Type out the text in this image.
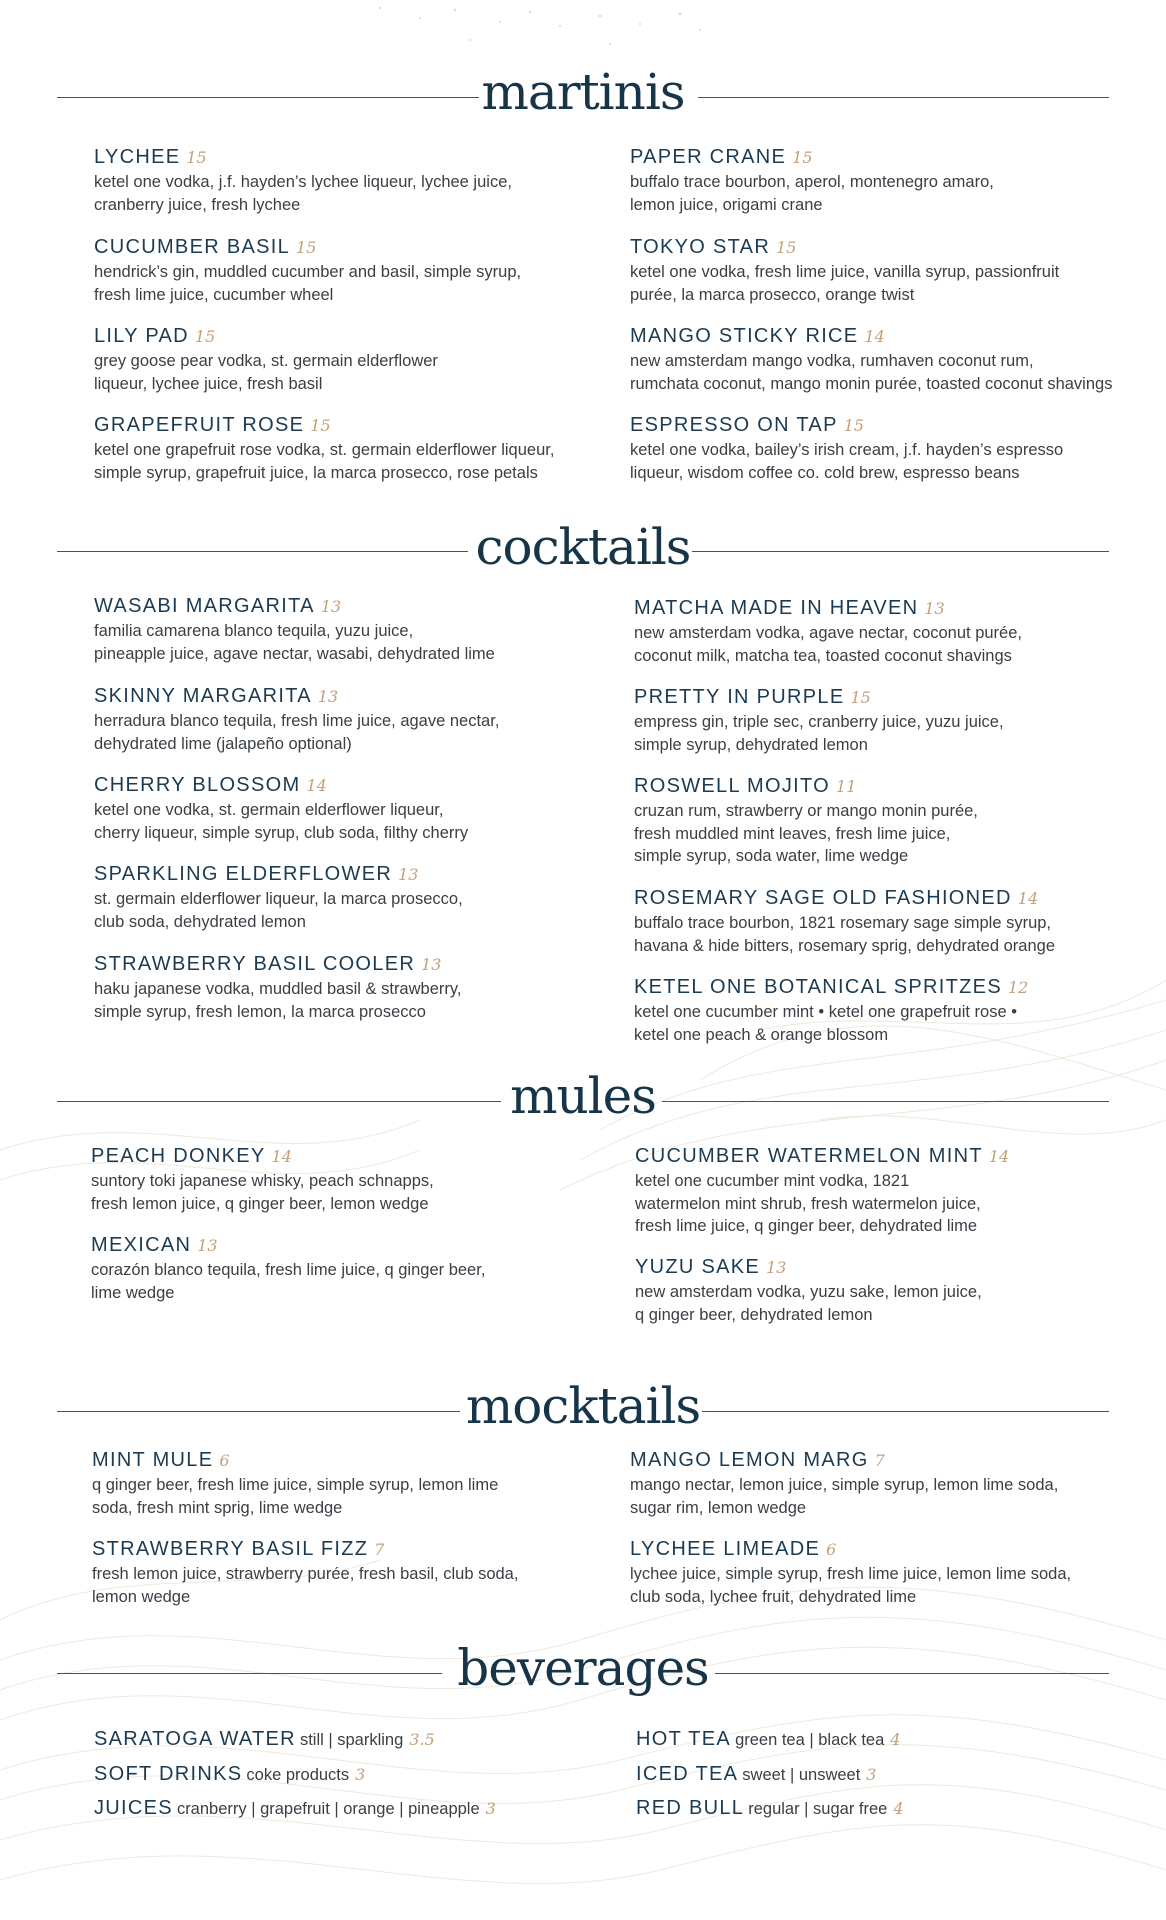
martinis
LYCHEE 15
ketel one vodka, j.f. hayden’s lychee liqueur, lychee juice,
cranberry juice, fresh lychee
CUCUMBER BASIL 15
hendrick’s gin, muddled cucumber and basil, simple syrup,
fresh lime juice, cucumber wheel
LILY PAD 15
grey goose pear vodka, st. germain elderflower
liqueur, lychee juice, fresh basil
GRAPEFRUIT ROSE 15
ketel one grapefruit rose vodka, st. germain elderflower liqueur,
simple syrup, grapefruit juice, la marca prosecco, rose petals
PAPER CRANE 15
buffalo trace bourbon, aperol, montenegro amaro,
lemon juice, origami crane
TOKYO STAR 15
ketel one vodka, fresh lime juice, vanilla syrup, passionfruit
purée, la marca prosecco, orange twist
MANGO STICKY RICE 14
new amsterdam mango vodka, rumhaven coconut rum,
rumchata coconut, mango monin purée, toasted coconut shavings
ESPRESSO ON TAP 15
ketel one vodka, bailey’s irish cream, j.f. hayden’s espresso
liqueur, wisdom coffee co. cold brew, espresso beans
cocktails
WASABI MARGARITA 13
familia camarena blanco tequila, yuzu juice,
pineapple juice, agave nectar, wasabi, dehydrated lime
SKINNY MARGARITA 13
herradura blanco tequila, fresh lime juice, agave nectar,
dehydrated lime (jalapeño optional)
CHERRY BLOSSOM 14
ketel one vodka, st. germain elderflower liqueur,
cherry liqueur, simple syrup, club soda, filthy cherry
SPARKLING ELDERFLOWER 13
st. germain elderflower liqueur, la marca prosecco,
club soda, dehydrated lemon
STRAWBERRY BASIL COOLER 13
haku japanese vodka, muddled basil & strawberry,
simple syrup, fresh lemon, la marca prosecco
MATCHA MADE IN HEAVEN 13
new amsterdam vodka, agave nectar, coconut purée,
coconut milk, matcha tea, toasted coconut shavings
PRETTY IN PURPLE 15
empress gin, triple sec, cranberry juice, yuzu juice,
simple syrup, dehydrated lemon
ROSWELL MOJITO 11
cruzan rum, strawberry or mango monin purée,
fresh muddled mint leaves, fresh lime juice,
simple syrup, soda water, lime wedge
ROSEMARY SAGE OLD FASHIONED 14
buffalo trace bourbon, 1821 rosemary sage simple syrup,
havana & hide bitters, rosemary sprig, dehydrated orange
KETEL ONE BOTANICAL SPRITZES 12
ketel one cucumber mint • ketel one grapefruit rose •
ketel one peach & orange blossom
mules
PEACH DONKEY 14
suntory toki japanese whisky, peach schnapps,
fresh lemon juice, q ginger beer, lemon wedge
MEXICAN 13
corazón blanco tequila, fresh lime juice, q ginger beer,
lime wedge
CUCUMBER WATERMELON MINT 14
ketel one cucumber mint vodka, 1821
watermelon mint shrub, fresh watermelon juice,
fresh lime juice, q ginger beer, dehydrated lime
YUZU SAKE 13
new amsterdam vodka, yuzu sake, lemon juice,
q ginger beer, dehydrated lemon
mocktails
MINT MULE 6
q ginger beer, fresh lime juice, simple syrup, lemon lime
soda, fresh mint sprig, lime wedge
STRAWBERRY BASIL FIZZ 7
fresh lemon juice, strawberry purée, fresh basil, club soda,
lemon wedge
MANGO LEMON MARG 7
mango nectar, lemon juice, simple syrup, lemon lime soda,
sugar rim, lemon wedge
LYCHEE LIMEADE 6
lychee juice, simple syrup, fresh lime juice, lemon lime soda,
club soda, lychee fruit, dehydrated lime
beverages
SARATOGA WATER still | sparkling 3.5
SOFT DRINKS coke products 3
JUICES cranberry | grapefruit | orange | pineapple 3
HOT TEA green tea | black tea 4
ICED TEA sweet | unsweet 3
RED BULL regular | sugar free 4
